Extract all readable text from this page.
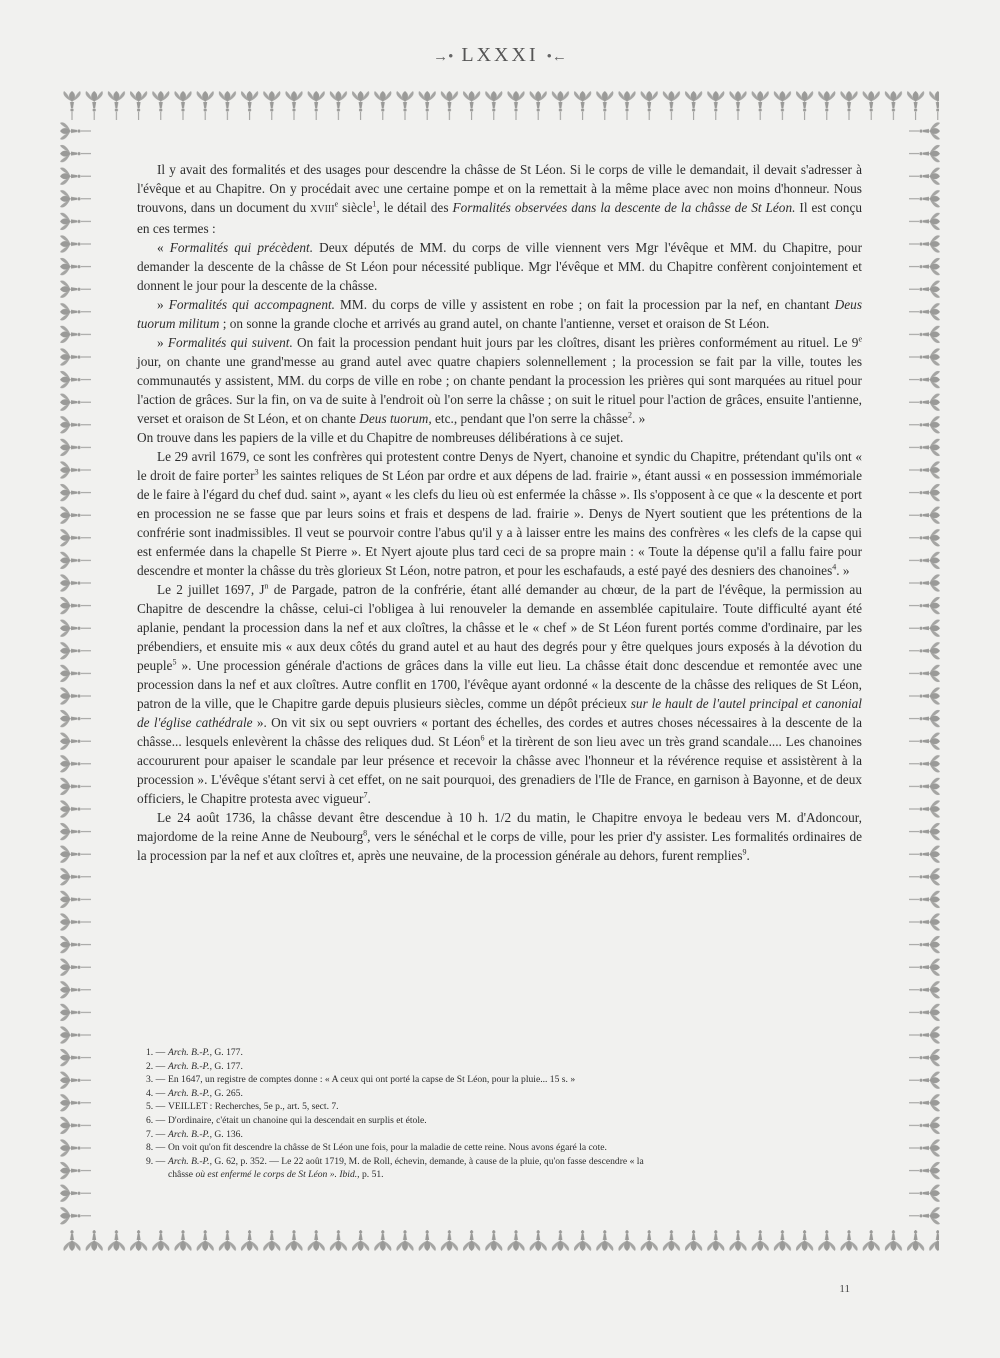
→• LXXXI •←

Il y avait des formalités et des usages pour descendre la châsse de St Léon. Si le corps de ville le demandait, il devait s'adresser à l'évêque et au Chapitre. On y procédait avec une certaine pompe et on la remettait à la même place avec non moins d'honneur. Nous trouvons, dans un document du XVIIIe siècle$^1$, le détail des Formalités observées dans la descente de la châsse de St Léon. Il est conçu en ces termes :

« Formalités qui précèdent. Deux députés de MM. du corps de ville viennent vers Mgr l'évêque et MM. du Chapitre, pour demander la descente de la châsse de St Léon pour nécessité publique. Mgr l'évêque et MM. du Chapitre confèrent conjointement et donnent le jour pour la descente de la châsse.

» Formalités qui accompagnent. MM. du corps de ville y assistent en robe ; on fait la procession par la nef, en chantant Deus tuorum militum ; on sonne la grande cloche et arrivés au grand autel, on chante l'antienne, verset et oraison de St Léon.

» Formalités qui suivent. On fait la procession pendant huit jours par les cloîtres, disant les prières conformément au rituel. Le 9e jour, on chante une grand'messe au grand autel avec quatre chapiers solennellement ; la procession se fait par la ville, toutes les communautés y assistent, MM. du corps de ville en robe ; on chante pendant la procession les prières qui sont marquées au rituel pour l'action de grâces. Sur la fin, on va de suite à l'endroit où l'on serre la châsse ; on suit le rituel pour l'action de grâces, ensuite l'antienne, verset et oraison de St Léon, et on chante Deus tuorum, etc., pendant que l'on serre la châsse$^2$. »

On trouve dans les papiers de la ville et du Chapitre de nombreuses délibérations à ce sujet.

Le 29 avril 1679, ce sont les confrères qui protestent contre Denys de Nyert, chanoine et syndic du Chapitre, prétendant qu'ils ont « le droit de faire porter$^3$ les saintes reliques de St Léon par ordre et aux dépens de lad. frairie », étant aussi « en possession immémoriale de le faire à l'égard du chef dud. saint », ayant « les clefs du lieu où est enfermée la châsse ». Ils s'opposent à ce que « la descente et port en procession ne se fasse que par leurs soins et frais et despens de lad. frairie ». Denys de Nyert soutient que les prétentions de la confrérie sont inadmissibles. Il veut se pourvoir contre l'abus qu'il y a à laisser entre les mains des confrères « les clefs de la capse qui est enfermée dans la chapelle St Pierre ». Et Nyert ajoute plus tard ceci de sa propre main : « Toute la dépense qu'il a fallu faire pour descendre et monter la châsse du très glorieux St Léon, notre patron, et pour les eschafauds, a esté payé des desniers des chanoines$^4$. »

Le 2 juillet 1697, $J^n$ de Pargade, patron de la confrérie, étant allé demander au chœur, de la part de l'évêque, la permission au Chapitre de descendre la châsse, celui-ci l'obligea à lui renouveler la demande en assemblée capitulaire. Toute difficulté ayant été aplanie, pendant la procession dans la nef et aux cloîtres, la châsse et le « chef » de St Léon furent portés comme d'ordinaire, par les prébendiers, et ensuite mis « aux deux côtés du grand autel et au haut des degrés pour y être quelques jours exposés à la dévotion du peuple$^5$ ». Une procession générale d'actions de grâces dans la ville eut lieu. La châsse était donc descendue et remontée avec une procession dans la nef et aux cloîtres. Autre conflit en 1700, l'évêque ayant ordonné « la descente de la châsse des reliques de St Léon, patron de la ville, que le Chapitre garde depuis plusieurs siècles, comme un dépôt précieux sur le hault de l'autel principal et canonial de l'église cathédrale ». On vit six ou sept ouvriers « portant des échelles, des cordes et autres choses nécessaires à la descente de la châsse... lesquels enlevèrent la châsse des reliques dud. St Léon$^6$ et la tirèrent de son lieu avec un très grand scandale.... Les chanoines accoururent pour apaiser le scandale par leur présence et recevoir la châsse avec l'honneur et la révérence requise et assistèrent à la procession ». L'évêque s'étant servi à cet effet, on ne sait pourquoi, des grenadiers de l'Ile de France, en garnison à Bayonne, et de deux officiers, le Chapitre protesta avec vigueur$^7$.

Le 24 août 1736, la châsse devant être descendue à 10 h. 1/2 du matin, le Chapitre envoya le bedeau vers M. d'Adoncour, majordome de la reine Anne de Neubourg$^8$, vers le sénéchal et le corps de ville, pour les prier d'y assister. Les formalités ordinaires de la procession par la nef et aux cloîtres et, après une neuvaine, de la procession générale au dehors, furent remplies$^9$.

1. — Arch. B.-P., G. 177.
2. — Arch. B.-P., G. 177.
3. — En 1647, un registre de comptes donne : « A ceux qui ont porté la capse de St Léon, pour la pluie... 15 s. »
4. — Arch. B.-P., G. 265.
5. — VEILLET : Recherches, 5e p., art. 5, sect. 7.
6. — D'ordinaire, c'était un chanoine qui la descendait en surplis et étole.
7. — Arch. B.-P., G. 136.
8. — On voit qu'on fit descendre la châsse de St Léon une fois, pour la maladie de cette reine. Nous avons égaré la cote.
9. — Arch. B.-P., G. 62, p. 352. — Le 22 août 1719, M. de Roll, échevin, demande, à cause de la pluie, qu'on fasse descendre « la
châsse où est enfermé le corps de St Léon ». Ibid., p. 51.
11
